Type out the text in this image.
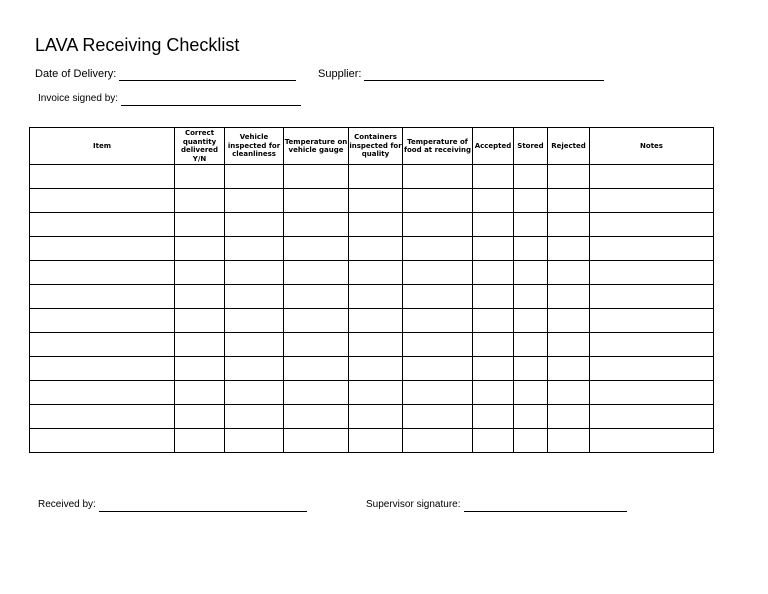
LAVA Receiving Checklist
Date of Delivery:	Supplier:
Invoice signed by:
Item	Correct quantity delivered Y/N	Vehicle inspected for cleanliness	Temperature on vehicle gauge	Containers inspected for quality	Temperature of food at receiving	Accepted	Stored	Rejected	Notes

Received by:	Supervisor signature:
